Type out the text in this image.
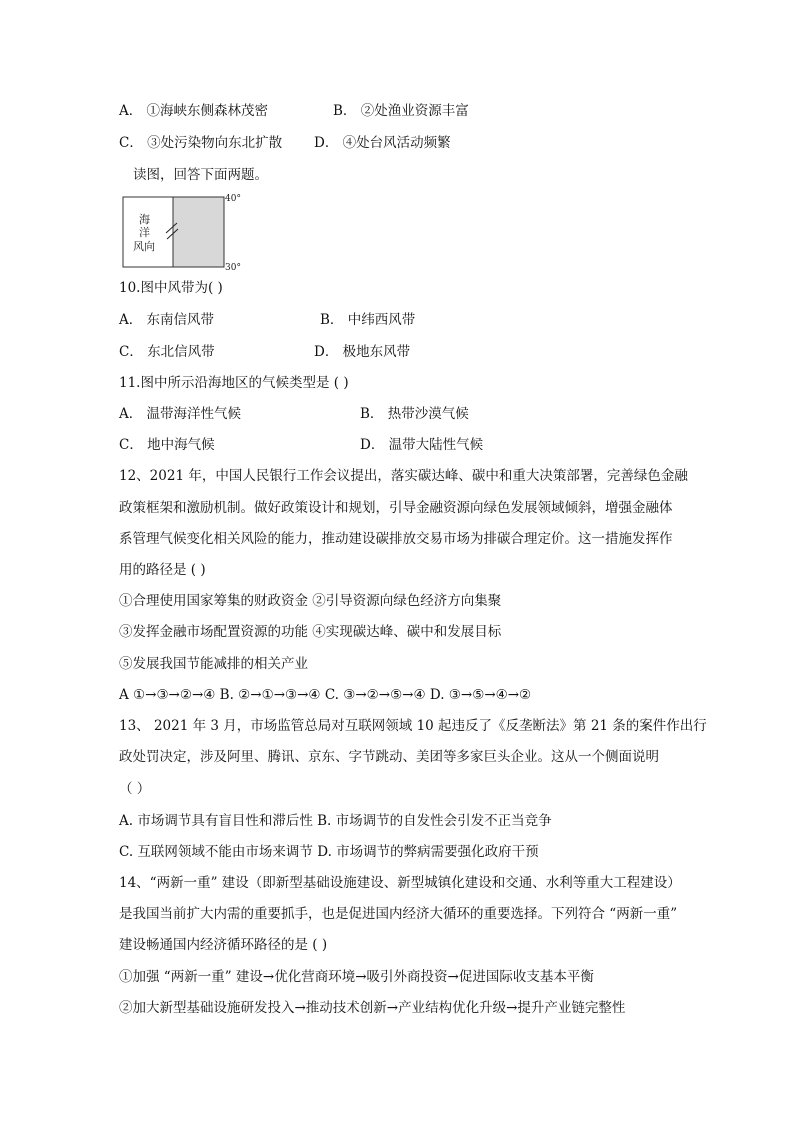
A． ①海峡东侧森林茂密	B． ②处渔业资源丰富
C． ③处污染物向东北扩散 D． ④处台风活动频繁
读图，回答下面两题。
海
洋
风向
40°
30°
10.图中风带为( )
A． 东南信风带	B． 中纬西风带
C． 东北信风带	D． 极地东风带
11.图中所示沿海地区的气候类型是 ( )
A． 温带海洋性气候	B． 热带沙漠气候
C． 地中海气候	D． 温带大陆性气候
12、2021 年，中国人民银行工作会议提出，落实碳达峰、碳中和重大决策部署，完善绿色金融
政策框架和激励机制。做好政策设计和规划，引导金融资源向绿色发展领域倾斜，增强金融体
系管理气候变化相关风险的能力，推动建设碳排放交易市场为排碳合理定价。这一措施发挥作
用的路径是 ( )
①合理使用国家筹集的财政资金 ②引导资源向绿色经济方向集聚
③发挥金融市场配置资源的功能 ④实现碳达峰、碳中和发展目标
⑤发展我国节能减排的相关产业
A ①→③→②→④ B. ②→①→③→④ C. ③→②→⑤→④ D. ③→⑤→④→②
13、 2021 年 3 月，市场监管总局对互联网领域 10 起违反了《反垄断法》第 21 条的案件作出行
政处罚决定，涉及阿里、腾讯、京东、字节跳动、美团等多家巨头企业。这从一个侧面说明
（ ）
A. 市场调节具有盲目性和滞后性 B. 市场调节的自发性会引发不正当竞争
C. 互联网领域不能由市场来调节 D. 市场调节的弊病需要强化政府干预
14、“两新一重” 建设（即新型基础设施建设、新型城镇化建设和交通、水利等重大工程建设）
是我国当前扩大内需的重要抓手，也是促进国内经济大循环的重要选择。下列符合 “两新一重”
建设畅通国内经济循环路径的是 ( )
①加强 “两新一重” 建设→优化营商环境→吸引外商投资→促进国际收支基本平衡
②加大新型基础设施研发投入→推动技术创新→产业结构优化升级→提升产业链完整性
